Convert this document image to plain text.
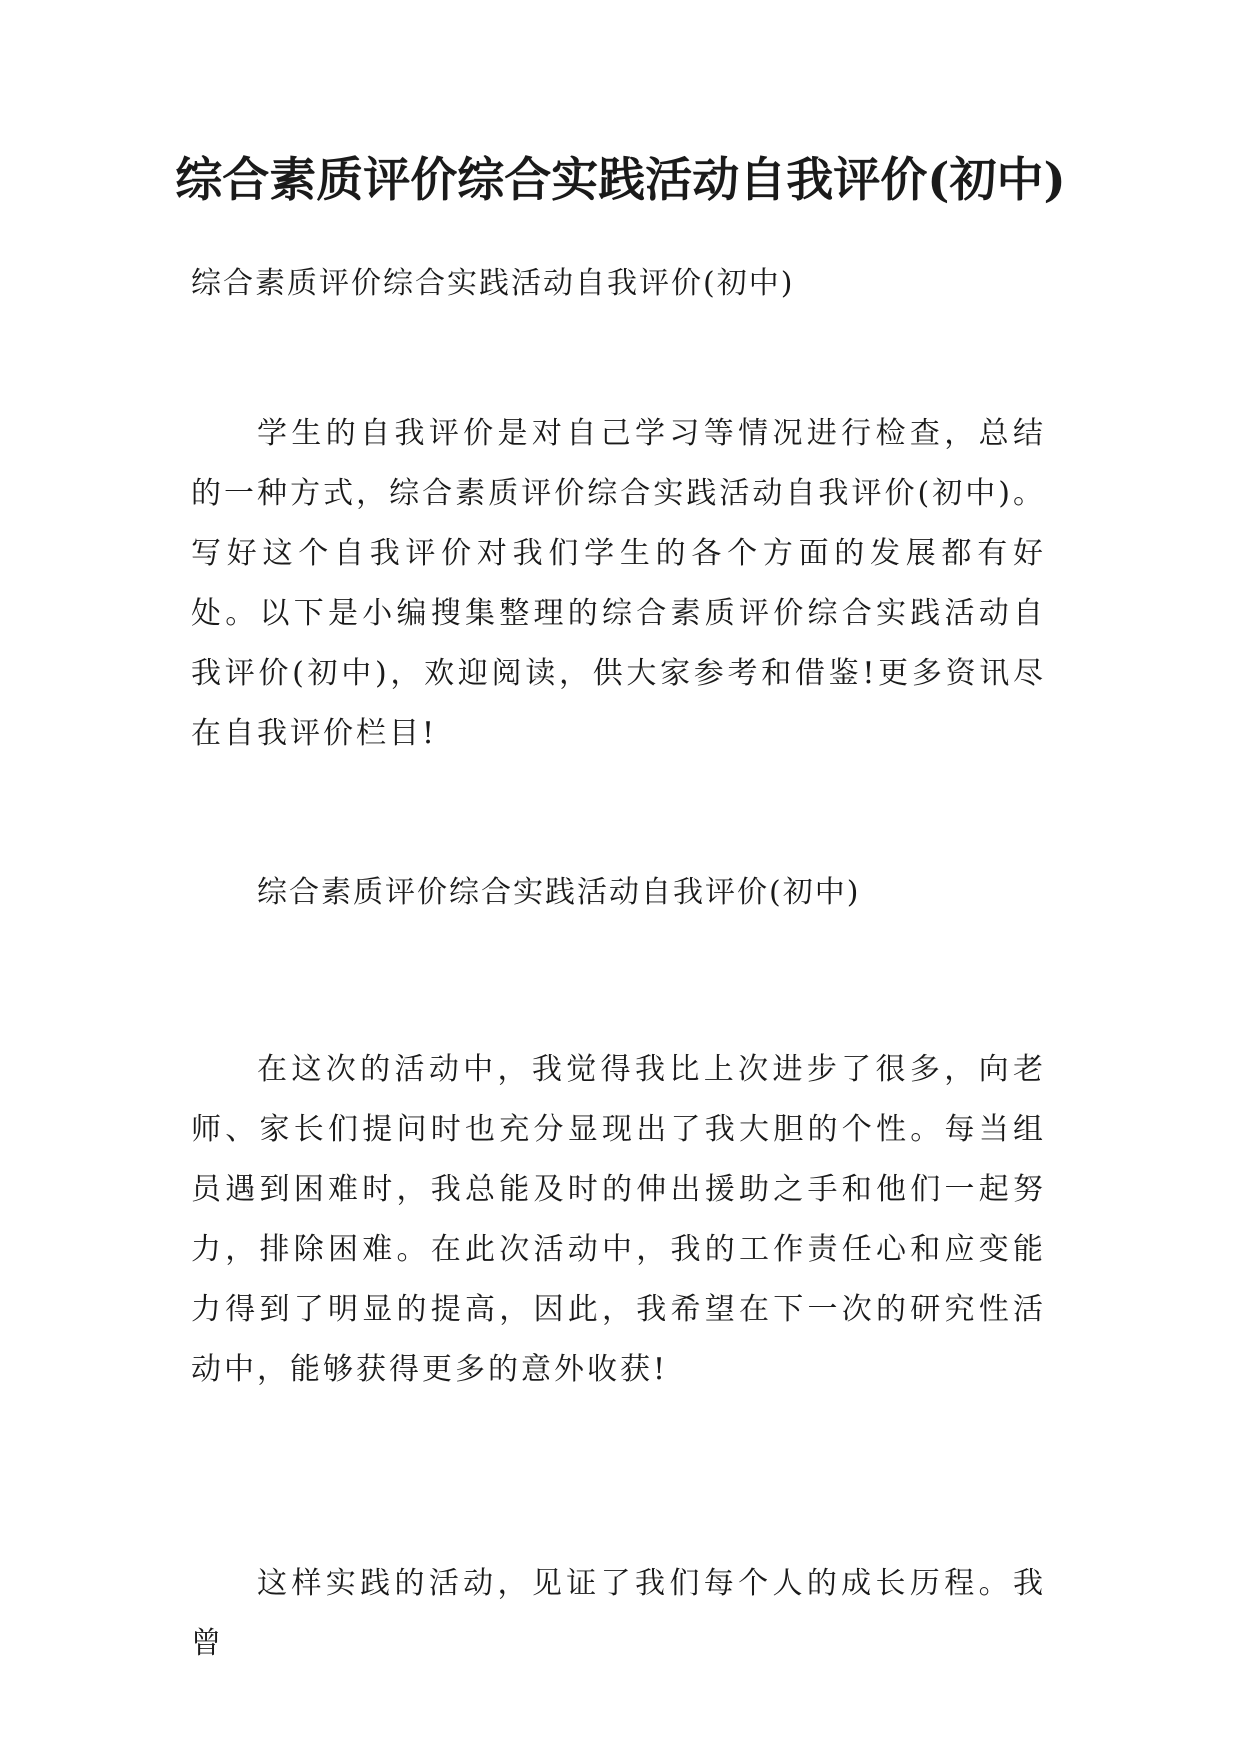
综合素质评价综合实践活动自我评价(初中)

综合素质评价综合实践活动自我评价(初中)

学生的自我评价是对自己学习等情况进行检查，总结的一种方式，综合素质评价综合实践活动自我评价(初中)。写好这个自我评价对我们学生的各个方面的发展都有好处。以下是小编搜集整理的综合素质评价综合实践活动自我评价(初中)，欢迎阅读，供大家参考和借鉴!更多资讯尽在自我评价栏目!

综合素质评价综合实践活动自我评价(初中)

在这次的活动中，我觉得我比上次进步了很多，向老师、家长们提问时也充分显现出了我大胆的个性。每当组员遇到困难时，我总能及时的伸出援助之手和他们一起努力，排除困难。在此次活动中，我的工作责任心和应变能力得到了明显的提高，因此，我希望在下一次的研究性活动中，能够获得更多的意外收获!

这样实践的活动，见证了我们每个人的成长历程。我曾
